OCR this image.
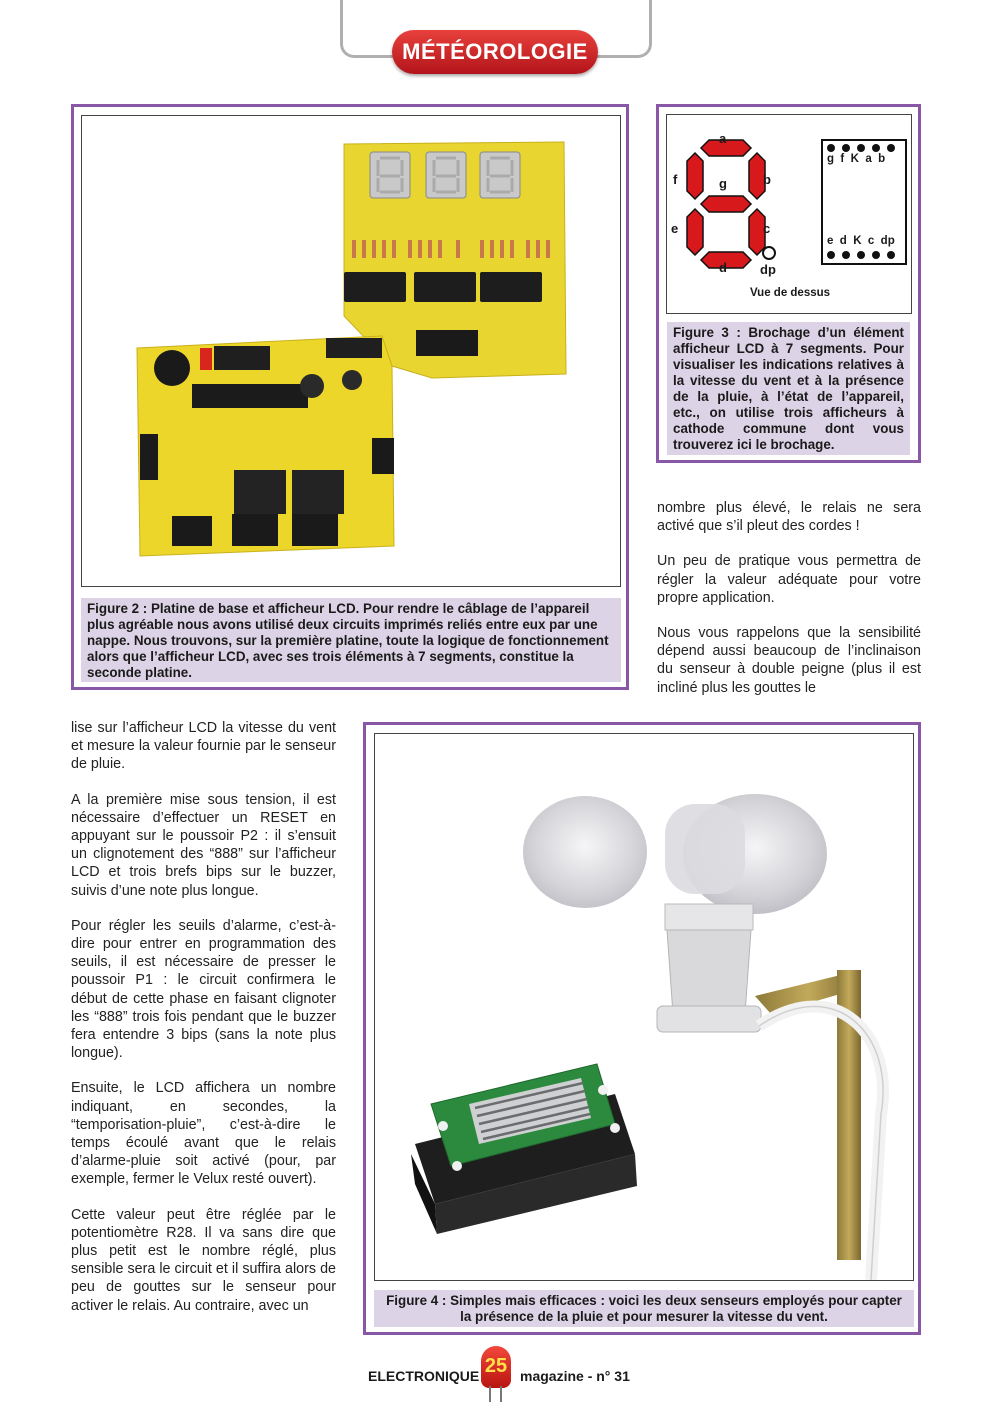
MÉTÉOROLOGIE
Figure 2 : Platine de base et afficheur LCD. Pour rendre le câblage de l’appareil plus agréable nous avons utilisé deux circuits imprimés reliés entre eux par une nappe. Nous trouvons, sur la première platine, toute la logique de fonctionnement alors que l’afficheur LCD, avec ses trois éléments à 7 segments, constitue la seconde platine.
a
f	g	b
e	c
d	dp
g  f  K  a  b
e  d  K  c  dp
Vue de dessus
Figure 3 : Brochage d’un élément afficheur LCD à 7 segments. Pour visualiser les indications relatives à la vitesse du vent et à la présence de la pluie, à l’état de l’appareil, etc., on utilise trois afficheurs à cathode commune dont vous trouverez ici le brochage.

nombre plus élevé, le relais ne sera activé que s’il pleut des cordes !

Un peu de pratique vous permettra de régler la valeur adéquate pour votre propre application.

Nous vous rappelons que la sensibilité dépend aussi beaucoup de l’inclinaison du senseur à double peigne (plus il est incliné plus les gouttes le

lise sur l’afficheur LCD la vitesse du vent et mesure la valeur fournie par le senseur de pluie.

A la première mise sous tension, il est nécessaire d’effectuer un RESET en appuyant sur le poussoir P2 : il s’ensuit un clignotement des “888” sur l’afficheur LCD et trois brefs bips sur le buzzer, suivis d’une note plus longue.

Pour régler les seuils d’alarme, c’est-à-dire pour entrer en programmation des seuils, il est nécessaire de presser le poussoir P1 : le circuit confirmera le début de cette phase en faisant clignoter les “888” trois fois pendant que le buzzer fera entendre 3 bips (sans la note plus longue).

Ensuite, le LCD affichera un nombre indiquant, en secondes, la “temporisation-pluie”, c’est-à-dire le temps écoulé avant que le relais d’alarme-pluie soit activé (pour, par exemple, fermer le Velux resté ouvert).

Cette valeur peut être réglée par le potentiomètre R28. Il va sans dire que plus petit est le nombre réglé, plus sensible sera le circuit et il suffira alors de peu de gouttes sur le senseur pour activer le relais. Au contraire, avec un	Figure 4 : Simples mais efficaces : voici les deux senseurs employés pour capter la présence de la pluie et pour mesurer la vitesse du vent.
ELECTRONIQUE 25 magazine - n° 31
